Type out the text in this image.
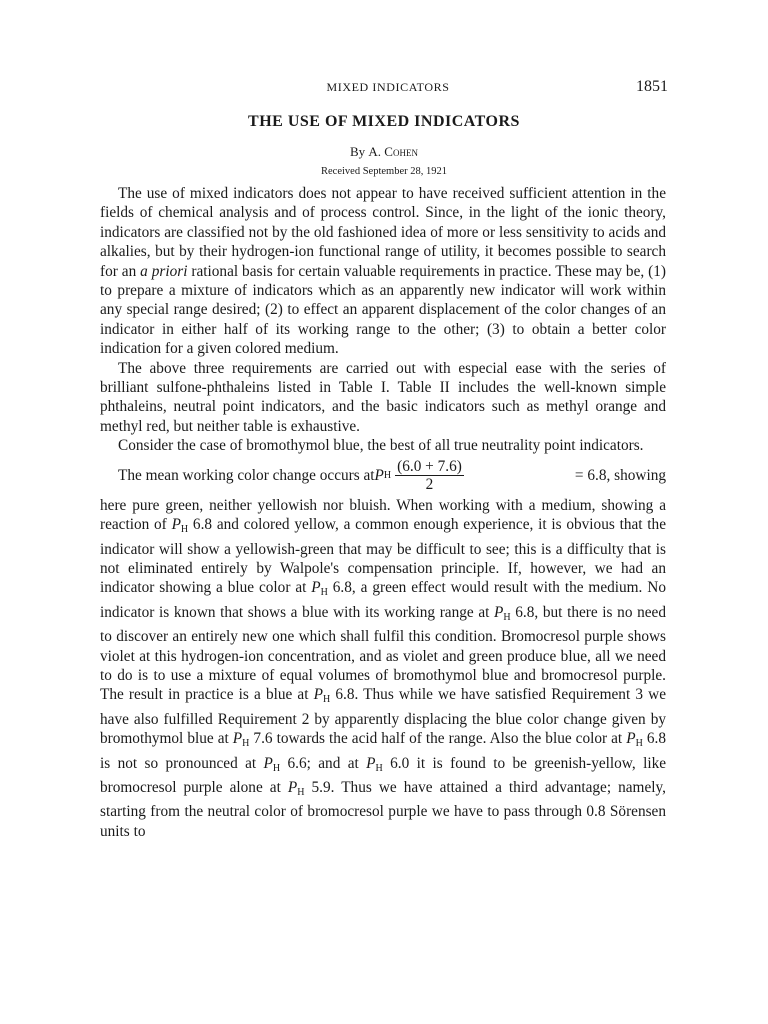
MIXED INDICATORS	1851
THE USE OF MIXED INDICATORS
By A. Cohen
Received September 28, 1921

The use of mixed indicators does not appear to have received sufficient attention in the fields of chemical analysis and of process control. Since, in the light of the ionic theory, indicators are classified not by the old fashioned idea of more or less sensitivity to acids and alkalies, but by their hydrogen-ion functional range of utility, it becomes possible to search for an a priori rational basis for certain valuable requirements in practice. These may be, (1) to prepare a mixture of indicators which as an apparently new indicator will work within any special range desired; (2) to effect an apparent displacement of the color changes of an indicator in either half of its working range to the other; (3) to obtain a better color indication for a given colored medium.

The above three requirements are carried out with especial ease with the series of brilliant sulfone-phthaleins listed in Table I. Table II includes the well-known simple phthaleins, neutral point indicators, and the basic indicators such as methyl orange and methyl red, but neither table is exhaustive.

Consider the case of bromothymol blue, the best of all true neutrality point indicators.

The mean working color change occurs at P H $\frac{(6.0 + 7.6)}{2}$	= 6.8, showing

here pure green, neither yellowish nor bluish. When working with a medium, showing a reaction of $P_H$ 6.8 and colored yellow, a common enough experience, it is obvious that the indicator will show a yellowish-green that may be difficult to see; this is a difficulty that is not eliminated entirely by Walpole's compensation principle. If, however, we had an indicator showing a blue color at $P_H$ 6.8, a green effect would result with the medium. No indicator is known that shows a blue with its working range at $P_H$ 6.8, but there is no need to discover an entirely new one which shall fulfil this condition. Bromocresol purple shows violet at this hydrogen-ion concentration, and as violet and green produce blue, all we need to do is to use a mixture of equal volumes of bromothymol blue and bromocresol purple. The result in practice is a blue at $P_H$ 6.8. Thus while we have satisfied Requirement 3 we have also fulfilled Requirement 2 by apparently displacing the blue color change given by bromothymol blue at $P_H$ 7.6 towards the acid half of the range. Also the blue color at $P_H$ 6.8 is not so pronounced at $P_H$ 6.6; and at $P_H$ 6.0 it is found to be greenish-yellow, like bromocresol purple alone at $P_H$ 5.9. Thus we have attained a third advantage; namely, starting from the neutral color of bromocresol purple we have to pass through 0.8 Sörensen units to
